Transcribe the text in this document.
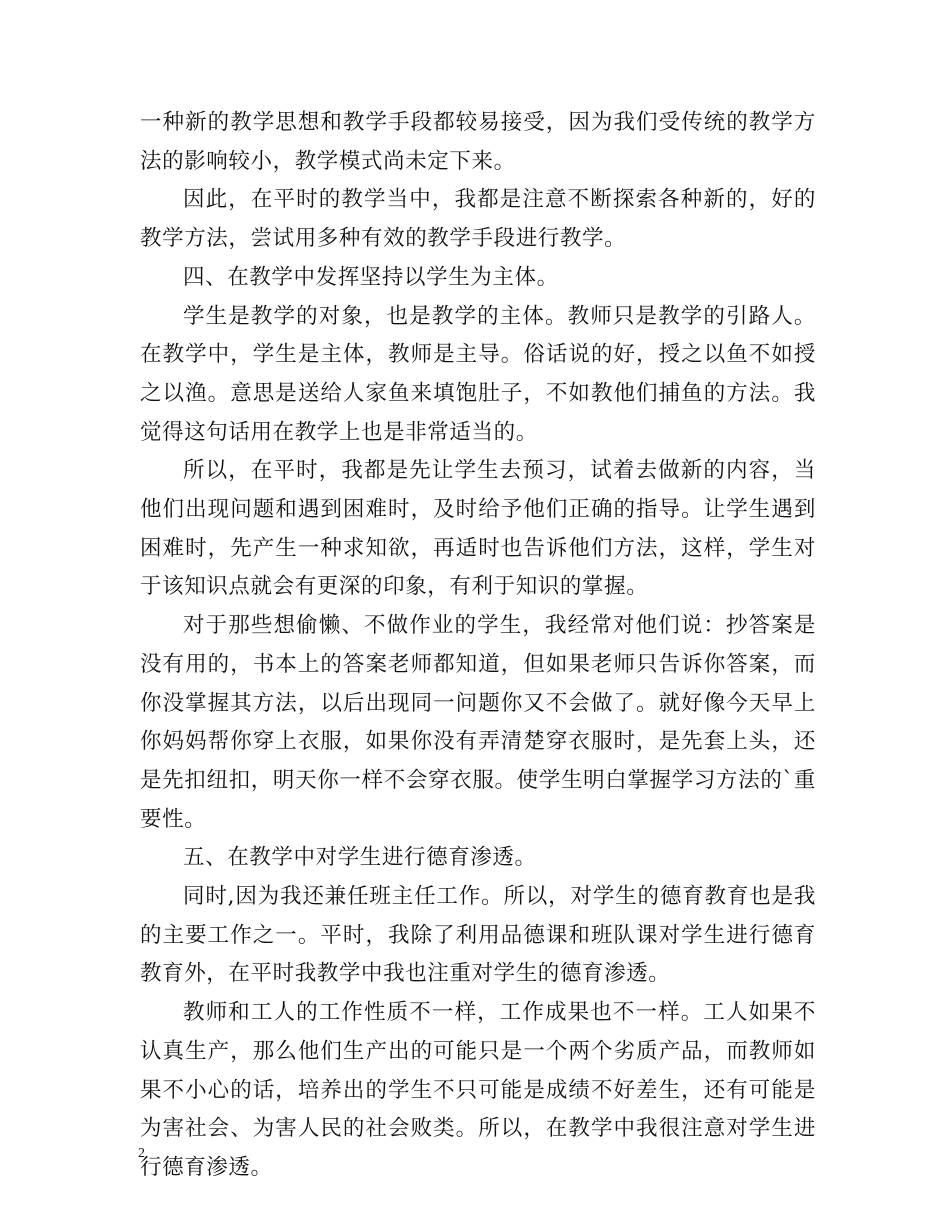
一种新的教学思想和教学手段都较易接受，因为我们受传统的教学方法的影响较小，教学模式尚未定下来。

因此，在平时的教学当中，我都是注意不断探索各种新的，好的教学方法，尝试用多种有效的教学手段进行教学。

四、在教学中发挥坚持以学生为主体。

学生是教学的对象，也是教学的主体。教师只是教学的引路人。在教学中，学生是主体，教师是主导。俗话说的好，授之以鱼不如授之以渔。意思是送给人家鱼来填饱肚子，不如教他们捕鱼的方法。我觉得这句话用在教学上也是非常适当的。

所以，在平时，我都是先让学生去预习，试着去做新的内容，当他们出现问题和遇到困难时，及时给予他们正确的指导。让学生遇到困难时，先产生一种求知欲，再适时也告诉他们方法，这样，学生对于该知识点就会有更深的印象，有利于知识的掌握。

对于那些想偷懒、不做作业的学生，我经常对他们说：抄答案是没有用的，书本上的答案老师都知道，但如果老师只告诉你答案，而你没掌握其方法，以后出现同一问题你又不会做了。就好像今天早上你妈妈帮你穿上衣服，如果你没有弄清楚穿衣服时，是先套上头，还是先扣纽扣，明天你一样不会穿衣服。使学生明白掌握学习方法的`重要性。

五、在教学中对学生进行德育渗透。

同时,因为我还兼任班主任工作。所以，对学生的德育教育也是我的主要工作之一。平时，我除了利用品德课和班队课对学生进行德育教育外，在平时我教学中我也注重对学生的德育渗透。

教师和工人的工作性质不一样，工作成果也不一样。工人如果不认真生产，那么他们生产出的可能只是一个两个劣质产品，而教师如果不小心的话，培养出的学生不只可能是成绩不好差生，还有可能是为害社会、为害人民的社会败类。所以，在教学中我很注意对学生进行德育渗透。

2
